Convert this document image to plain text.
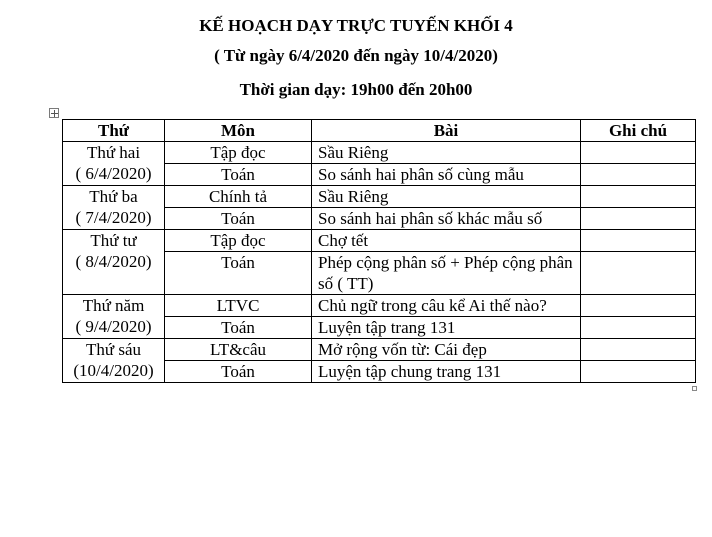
KẾ HOẠCH DẠY TRỰC TUYẾN KHỐI 4
( Từ ngày 6/4/2020 đến ngày 10/4/2020)
Thời gian dạy: 19h00 đến 20h00
Thứ	Môn	Bài	Ghi chú

Thứ hai
( 6/4/2020)	Tập đọc	Sầu Riêng	
	Toán	So sánh hai phân số cùng mẫu	

Thứ ba
( 7/4/2020)	Chính tả	Sầu Riêng	
	Toán	So sánh hai phân số khác mẫu số	

Thứ tư
( 8/4/2020)	Tập đọc	Chợ tết	
	Toán	Phép cộng phân số + Phép cộng phân số ( TT)	

Thứ năm
( 9/4/2020)	LTVC	Chủ ngữ trong câu kể Ai thế nào?	
	Toán	Luyện tập trang 131	

Thứ sáu
(10/4/2020)	LT&câu	Mở rộng vốn từ: Cái đẹp	
	Toán	Luyện tập chung trang 131	
